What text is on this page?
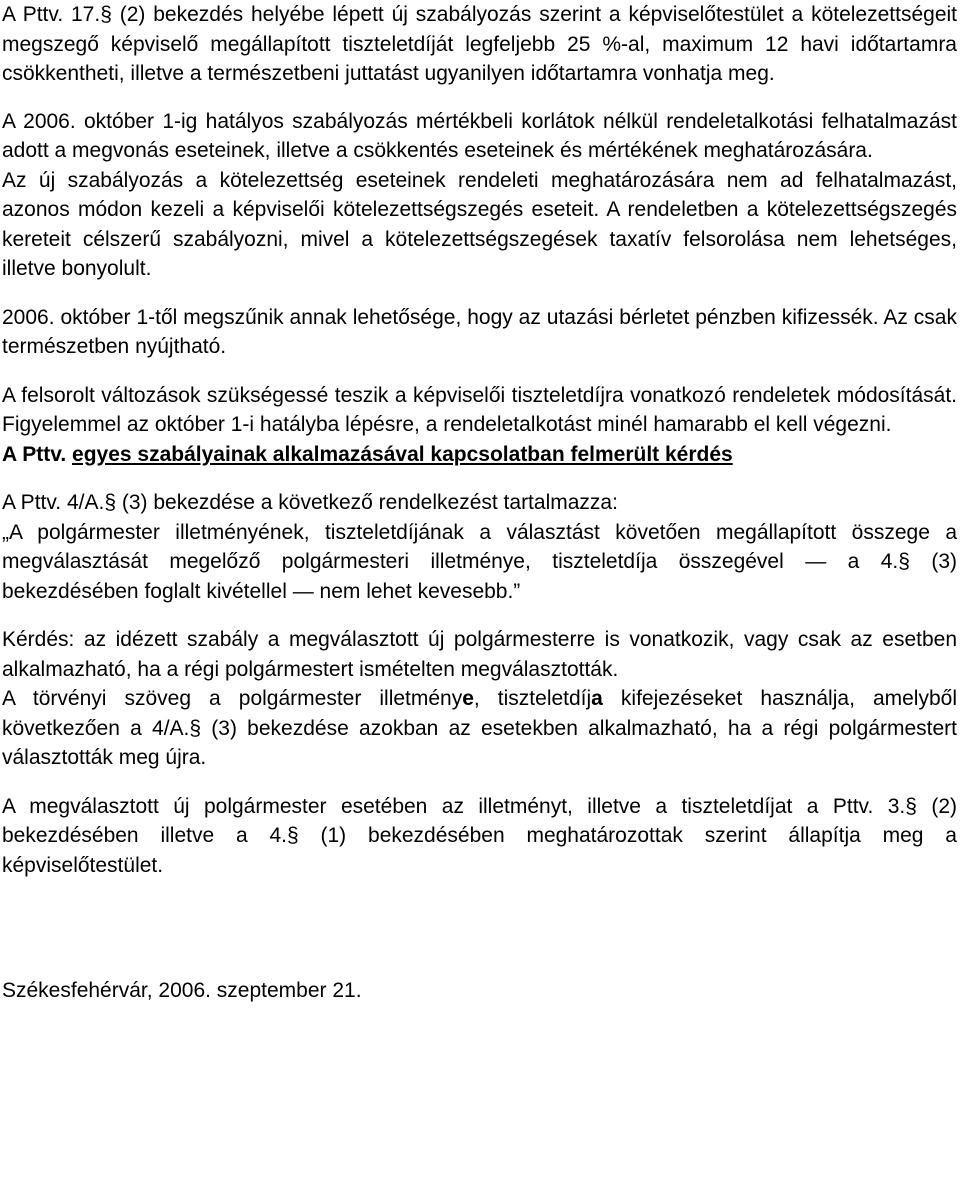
A Pttv. 17.§ (2) bekezdés helyébe lépett új szabályozás szerint a képviselőtestület a kötelezettségeit megszegő képviselő megállapított tiszteletdíját legfeljebb 25 %-al, maximum 12 havi időtartamra csökkentheti, illetve a természetbeni juttatást ugyanilyen időtartamra vonhatja meg.

A 2006. október 1-ig hatályos szabályozás mértékbeli korlátok nélkül rendeletalkotási felhatalmazást adott a megvonás eseteinek, illetve a csökkentés eseteinek és mértékének meghatározására.

Az új szabályozás a kötelezettség eseteinek rendeleti meghatározására nem ad felhatalmazást, azonos módon kezeli a képviselői kötelezettségszegés eseteit. A rendeletben a kötelezettségszegés kereteit célszerű szabályozni, mivel a kötelezettségszegések taxatív felsorolása nem lehetséges, illetve bonyolult.

2006. október 1-től megszűnik annak lehetősége, hogy az utazási bérletet pénzben kifizessék. Az csak természetben nyújtható.

A felsorolt változások szükségessé teszik a képviselői tiszteletdíjra vonatkozó rendeletek módosítását. Figyelemmel az október 1-i hatályba lépésre, a rendeletalkotást minél hamarabb el kell végezni.

A Pttv. egyes szabályainak alkalmazásával kapcsolatban felmerült kérdés

A Pttv. 4/A.§ (3) bekezdése a következő rendelkezést tartalmazza:

„A polgármester illetményének, tiszteletdíjának a választást követően megállapított összege a megválasztását megelőző polgármesteri illetménye, tiszteletdíja összegével — a 4.§ (3) bekezdésében foglalt kivétellel — nem lehet kevesebb.”

Kérdés: az idézett szabály a megválasztott új polgármesterre is vonatkozik, vagy csak az esetben alkalmazható, ha a régi polgármestert ismételten megválasztották.

A törvényi szöveg a polgármester illetménye, tiszteletdíja kifejezéseket használja, amelyből következően a 4/A.§ (3) bekezdése azokban az esetekben alkalmazható, ha a régi polgármestert választották meg újra.

A megválasztott új polgármester esetében az illetményt, illetve a tiszteletdíjat a Pttv. 3.§ (2) bekezdésében illetve a 4.§ (1) bekezdésében meghatározottak szerint állapítja meg a képviselőtestület.

Székesfehérvár, 2006. szeptember 21.
